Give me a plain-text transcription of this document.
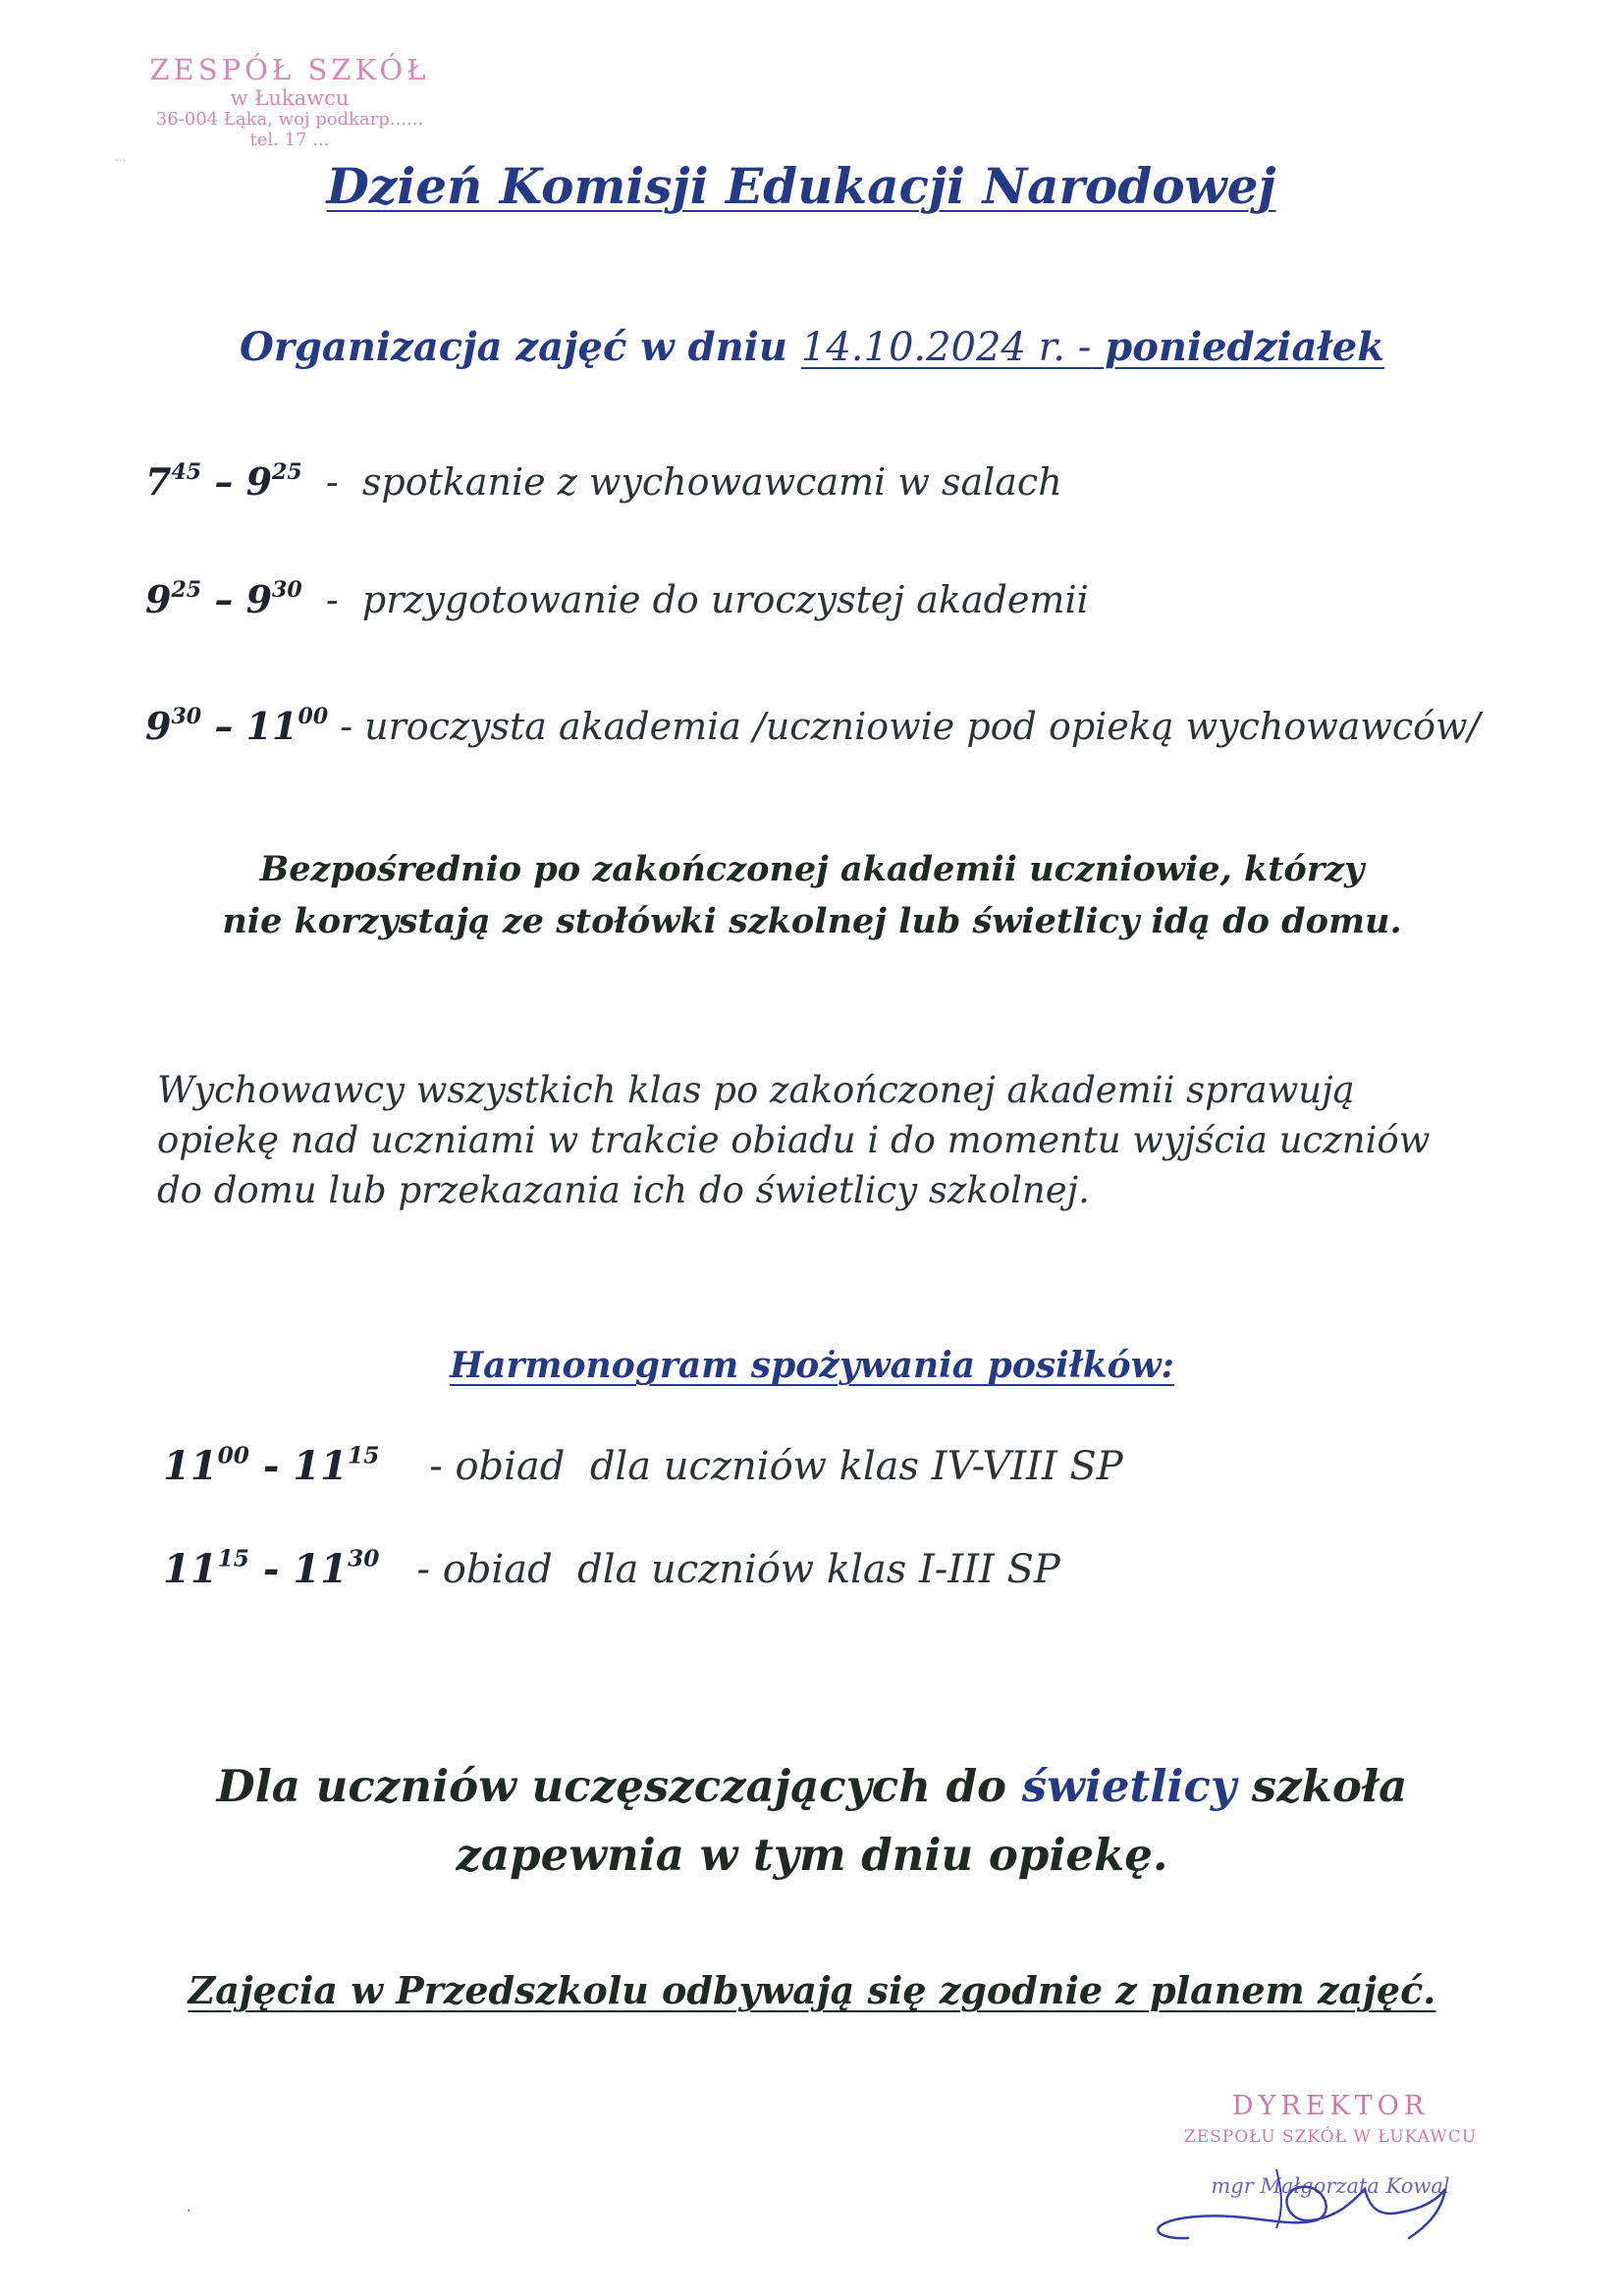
ZESPÓŁ SZKÓŁ
w Łukawcu
36-004 Łąka, woj podkarp......
tel. 17 ...
...
Dzień Komisji Edukacji Narodowej
Organizacja zajęć w dniu 14.10.2024 r. - poniedziałek
$7^{45} - 9^{25}$  -  spotkanie z wychowawcami w salach
$9^{25} - 9^{30}$  -  przygotowanie do uroczystej akademii
$9^{30} - 11^{00}$ - uroczysta akademia /uczniowie pod opieką wychowawców/
Bezpośrednio po zakończonej akademii uczniowie, którzy
nie korzystają ze stołówki szkolnej lub świetlicy idą do domu.
Wychowawcy wszystkich klas po zakończonej akademii sprawują
opiekę nad uczniami w trakcie obiadu i do momentu wyjścia uczniów
do domu lub przekazania ich do świetlicy szkolnej.
Harmonogram spożywania posiłków:
$11^{00} - 11^{15}$    - obiad  dla uczniów klas IV-VIII SP
$11^{15} - 11^{30}$   - obiad  dla uczniów klas I-III SP
Dla uczniów uczęszczających do świetlicy szkoła
zapewnia w tym dniu opiekę.
Zajęcia w Przedszkolu odbywają się zgodnie z planem zajęć.
DYREKTOR
ZESPOŁU SZKÓŁ W ŁUKAWCU
mgr Małgorzata Kowal
·
